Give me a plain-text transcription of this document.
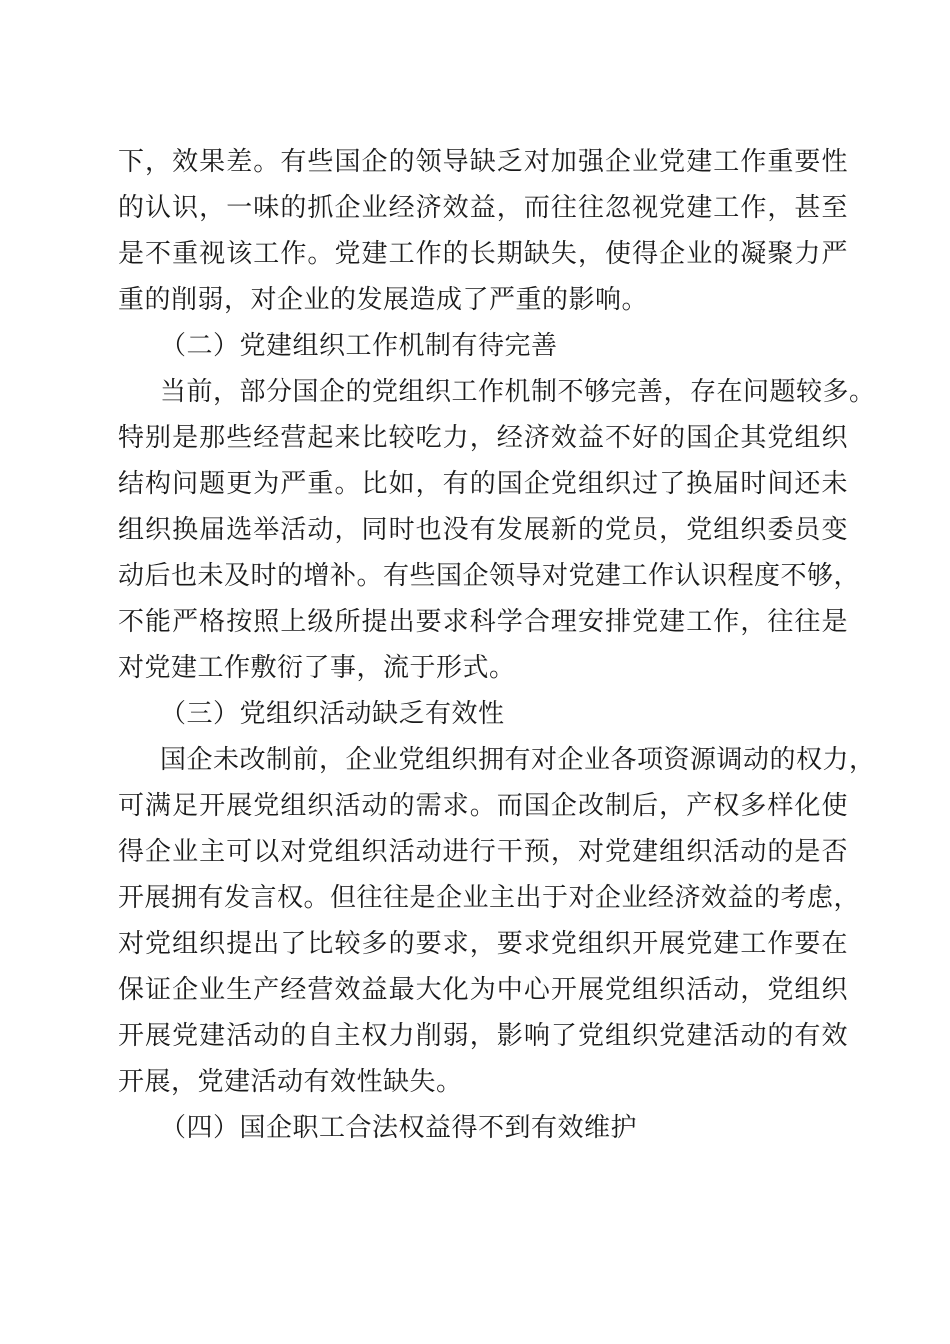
下，效果差。有些国企的领导缺乏对加强企业党建工作重要性
的认识，一味的抓企业经济效益，而往往忽视党建工作，甚至
是不重视该工作。党建工作的长期缺失，使得企业的凝聚力严
重的削弱，对企业的发展造成了严重的影响。
（二）党建组织工作机制有待完善
当前，部分国企的党组织工作机制不够完善，存在问题较多。
特别是那些经营起来比较吃力，经济效益不好的国企其党组织
结构问题更为严重。比如，有的国企党组织过了换届时间还未
组织换届选举活动，同时也没有发展新的党员，党组织委员变
动后也未及时的增补。有些国企领导对党建工作认识程度不够，
不能严格按照上级所提出要求科学合理安排党建工作，往往是
对党建工作敷衍了事，流于形式。
（三）党组织活动缺乏有效性
国企未改制前，企业党组织拥有对企业各项资源调动的权力，
可满足开展党组织活动的需求。而国企改制后，产权多样化使
得企业主可以对党组织活动进行干预，对党建组织活动的是否
开展拥有发言权。但往往是企业主出于对企业经济效益的考虑，
对党组织提出了比较多的要求，要求党组织开展党建工作要在
保证企业生产经营效益最大化为中心开展党组织活动，党组织
开展党建活动的自主权力削弱，影响了党组织党建活动的有效
开展，党建活动有效性缺失。
（四）国企职工合法权益得不到有效维护
